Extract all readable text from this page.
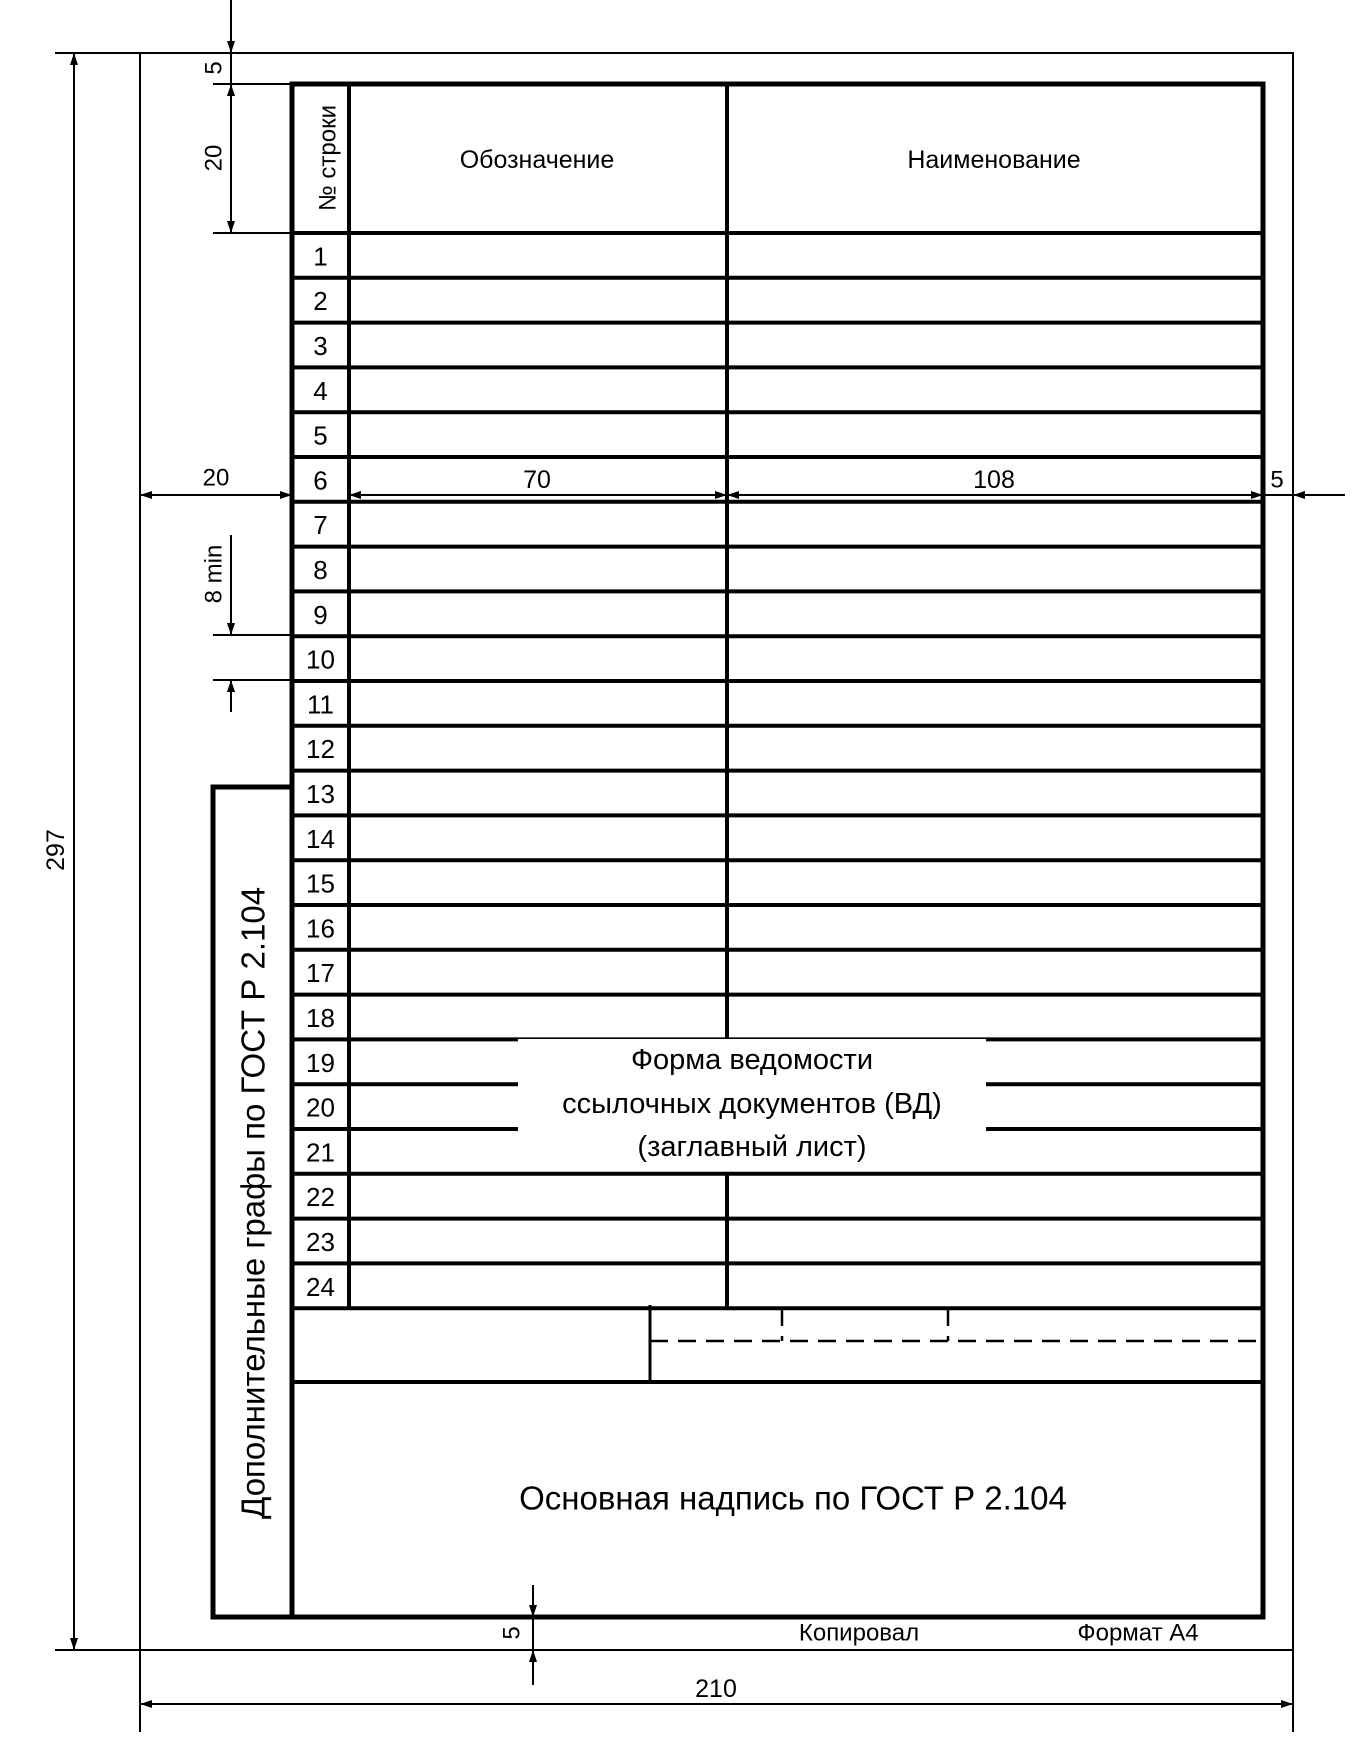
№ строки	Обозначение	Наименование
1
2
3
4
5
6
7
8
9
10
11
12
13
14
15
16
17
18
19
20
21
22
23
24
Форма ведомости
ссылочных документов (ВД)
(заглавный лист)
Основная надпись по ГОСТ Р 2.104
Дополнительные графы по ГОСТ Р 2.104
Копировал	Формат А4
5
20
8 min
20	70	108	5
297
5
210
